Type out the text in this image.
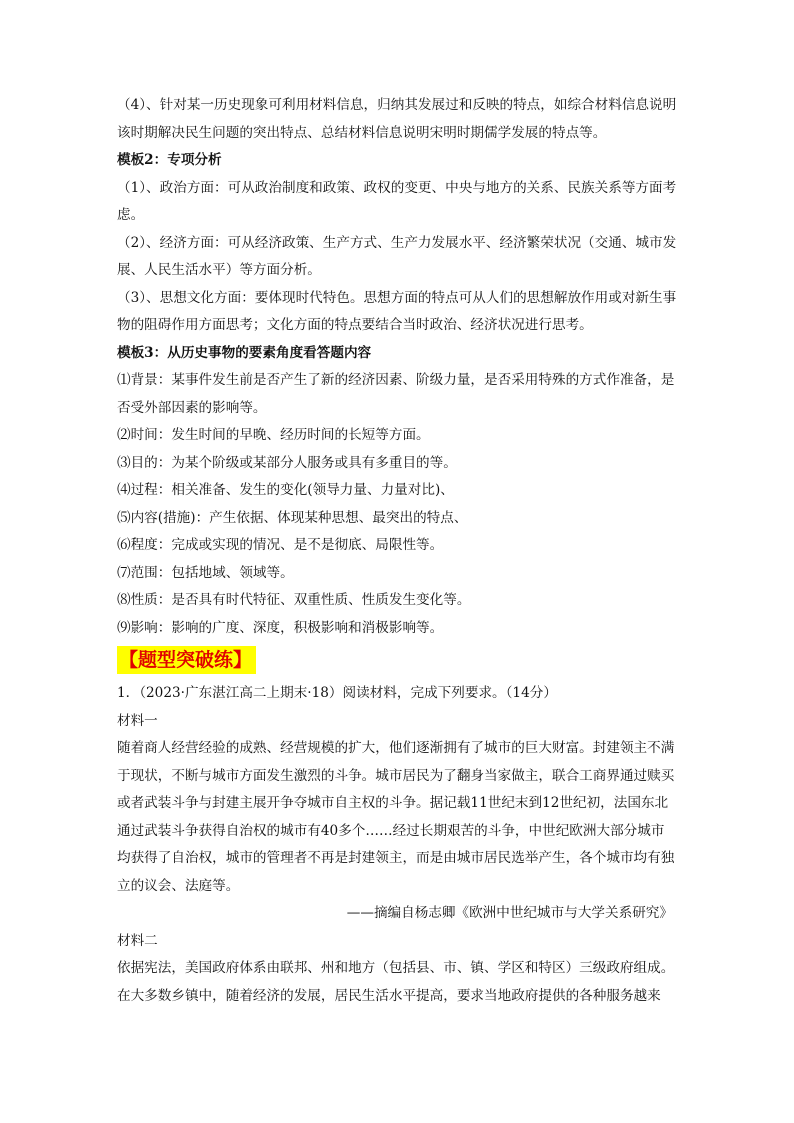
（4）、针对某一历史现象可利用材料信息，归纳其发展过和反映的特点，如综合材料信息说明该时期解决民生问题的突出特点、总结材料信息说明宋明时期儒学发展的特点等。

模板2：专项分析

（1）、政治方面：可从政治制度和政策、政权的变更、中央与地方的关系、民族关系等方面考虑。

（2）、经济方面：可从经济政策、生产方式、生产力发展水平、经济繁荣状况（交通、城市发展、人民生活水平）等方面分析。

（3）、思想文化方面：要体现时代特色。思想方面的特点可从人们的思想解放作用或对新生事物的阻碍作用方面思考；文化方面的特点要结合当时政治、经济状况进行思考。

模板3：从历史事物的要素角度看答题内容

⑴背景：某事件发生前是否产生了新的经济因素、阶级力量，是否采用特殊的方式作准备，是否受外部因素的影响等。

⑵时间：发生时间的早晚、经历时间的长短等方面。

⑶目的：为某个阶级或某部分人服务或具有多重目的等。

⑷过程：相关准备、发生的变化(领导力量、力量对比)、

⑸内容(措施)：产生依据、体现某种思想、最突出的特点、

⑹程度：完成或实现的情况、是不是彻底、局限性等。

⑺范围：包括地域、领域等。

⑻性质：是否具有时代特征、双重性质、性质发生变化等。

⑼影响：影响的广度、深度，积极影响和消极影响等。

【题型突破练】

1．（2023·广东湛江高二上期末·18）阅读材料，完成下列要求。（14分）

材料一

随着商人经营经验的成熟、经营规模的扩大，他们逐渐拥有了城市的巨大财富。封建领主不满于现状，不断与城市方面发生激烈的斗争。城市居民为了翻身当家做主，联合工商界通过赎买或者武装斗争与封建主展开争夺城市自主权的斗争。据记载11世纪末到12世纪初，法国东北通过武装斗争获得自治权的城市有40多个……经过长期艰苦的斗争，中世纪欧洲大部分城市均获得了自治权，城市的管理者不再是封建领主，而是由城市居民选举产生，各个城市均有独立的议会、法庭等。

——摘编自杨志卿《欧洲中世纪城市与大学关系研究》

材料二

依据宪法，美国政府体系由联邦、州和地方（包括县、市、镇、学区和特区）三级政府组成。在大多数乡镇中，随着经济的发展，居民生活水平提高，要求当地政府提供的各种服务越来
